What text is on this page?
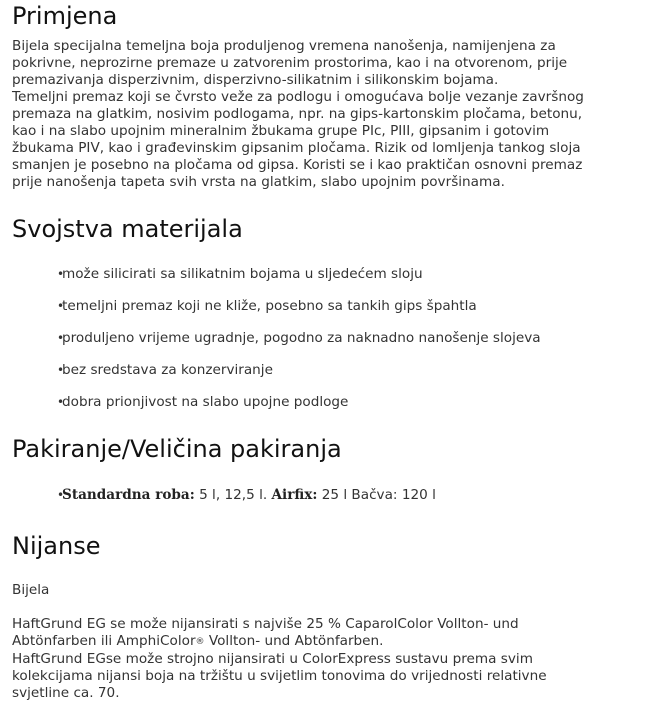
Primjena
Bijela specijalna temeljna boja produljenog vremena nanošenja, namijenjena za
pokrivne, neprozirne premaze u zatvorenim prostorima, kao i na otvorenom, prije
premazivanja disperzivnim, disperzivno-silikatnim i silikonskim bojama.
Temeljni premaz koji se čvrsto veže za podlogu i omogućava bolje vezanje završnog
premaza na glatkim, nosivim podlogama, npr. na gips-kartonskim pločama, betonu,
kao i na slabo upojnim mineralnim žbukama grupe PIc, PIII, gipsanim i gotovim
žbukama PIV, kao i građevinskim gipsanim pločama. Rizik od lomljenja tankog sloja
smanjen je posebno na pločama od gipsa. Koristi se i kao praktičan osnovni premaz
prije nanošenja tapeta svih vrsta na glatkim, slabo upojnim površinama.
Svojstva materijala
•može silicirati sa silikatnim bojama u sljedećem sloju
•temeljni premaz koji ne kliže, posebno sa tankih gips špahtla
•produljeno vrijeme ugradnje, pogodno za naknadno nanošenje slojeva
•bez sredstava za konzerviranje
•dobra prionjivost na slabo upojne podloge
Pakiranje/Veličina pakiranja
•Standardna roba: 5 l, 12,5 l. Airfix: 25 l Bačva: 120 l
Nijanse
Bijela
HaftGrund EG se može nijansirati s najviše 25 % CaparolColor Vollton- und
Abtönfarben ili AmphiColor® Vollton- und Abtönfarben.
HaftGrund EGse može strojno nijansirati u ColorExpress sustavu prema svim
kolekcijama nijansi boja na tržištu u svijetlim tonovima do vrijednosti relativne
svjetline ca. 70.
